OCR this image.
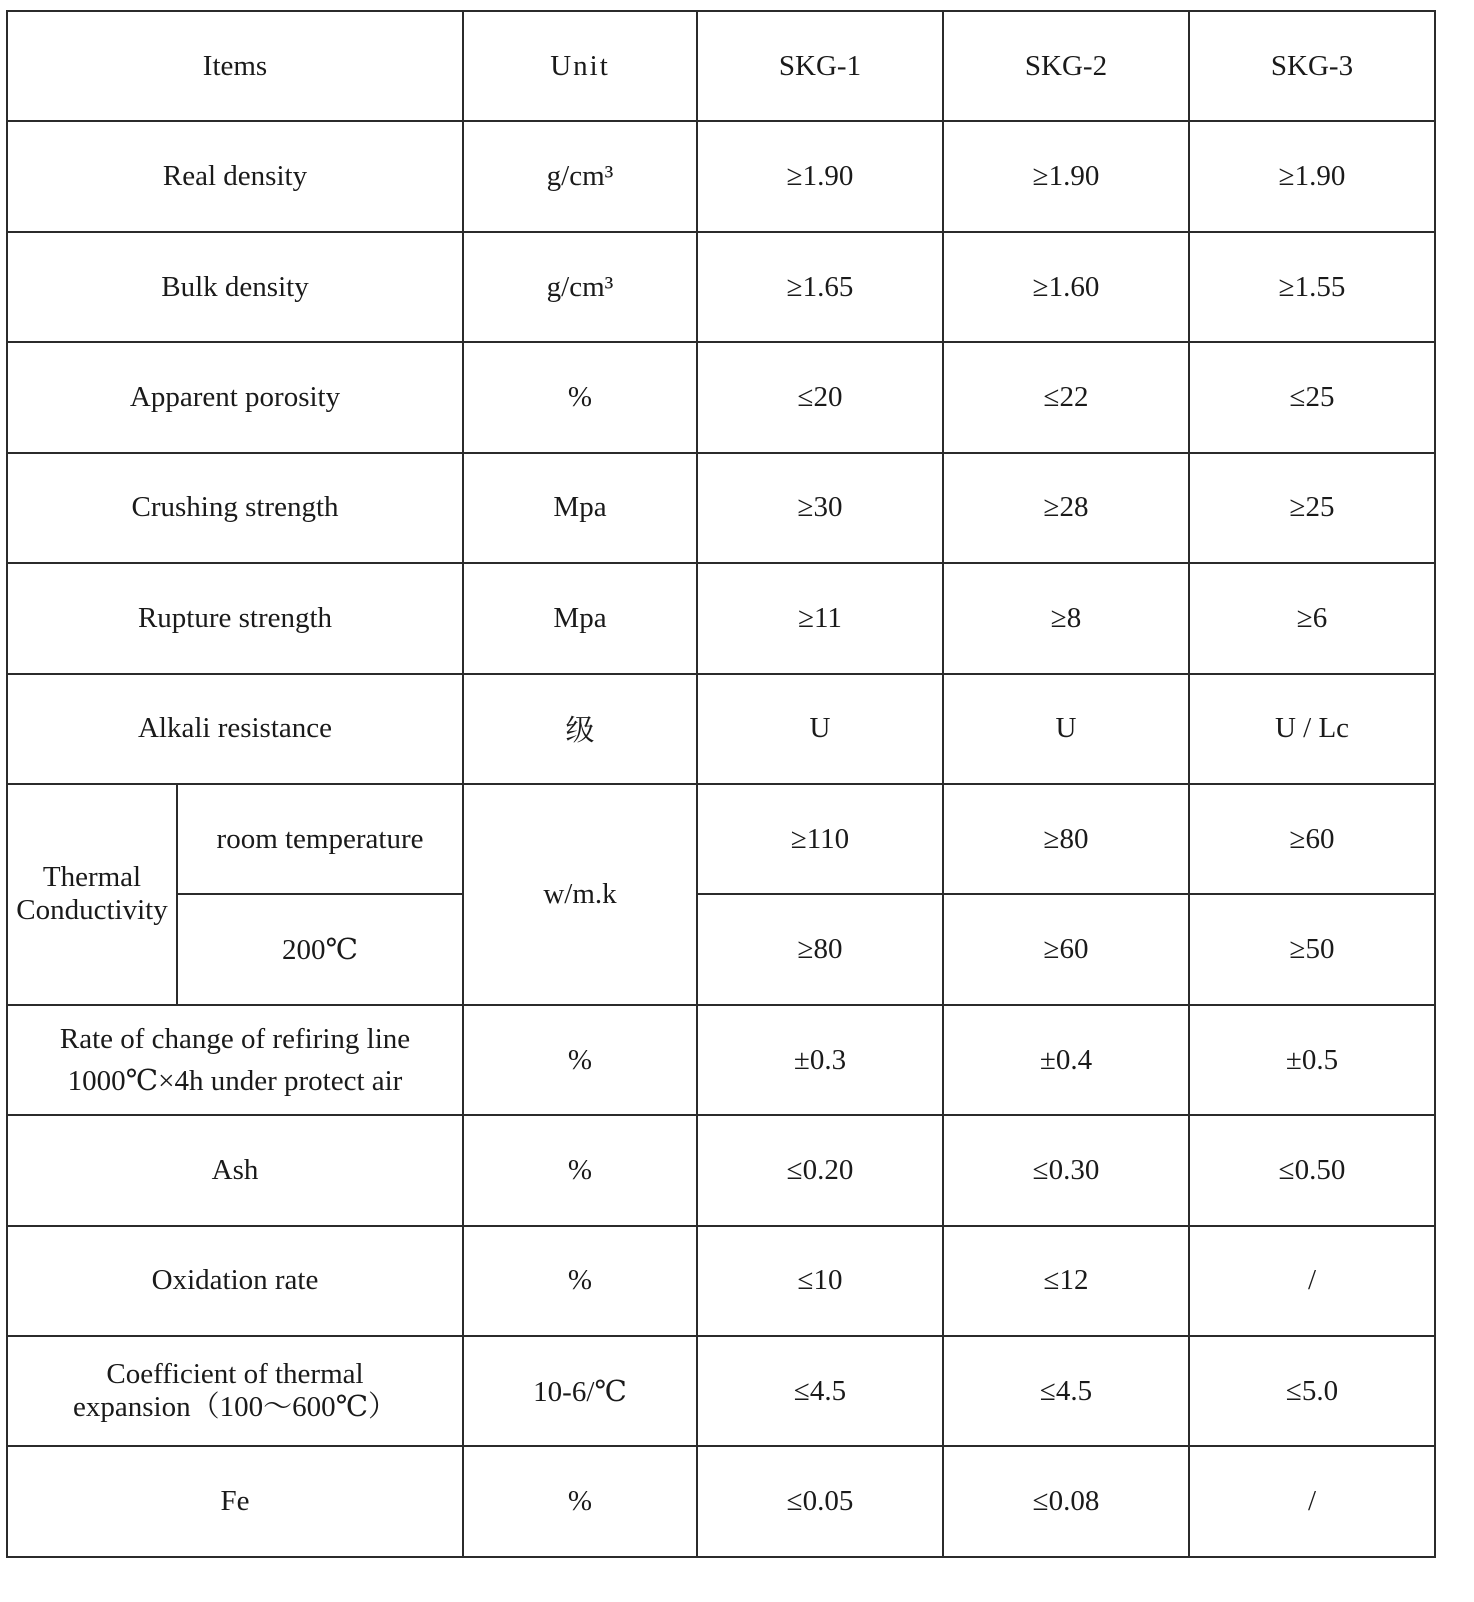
Items		Unit	SKG-1	SKG-2	SKG-3
Real density		g/cm³	≥1.90	≥1.90	≥1.90
Bulk density		g/cm³	≥1.65	≥1.60	≥1.55
Apparent porosity		%	≤20	≤22	≤25
Crushing strength		Mpa	≥30	≥28	≥25
Rupture strength		Mpa	≥11	≥8	≥6
Alkali resistance		级	U	U	U / Lc
Thermal
Conductivity	room temperature	w/m.k	≥110	≥80	≥60
	200℃		≥80	≥60	≥50
Rate of change of refiring line
1000℃×4h under protect air		%	±0.3	±0.4	±0.5
Ash		%	≤0.20	≤0.30	≤0.50
Oxidation rate		%	≤10	≤12	/
Coefficient of thermal
expansion（100～600℃）		10-6/℃	≤4.5	≤4.5	≤5.0
Fe		%	≤0.05	≤0.08	/
